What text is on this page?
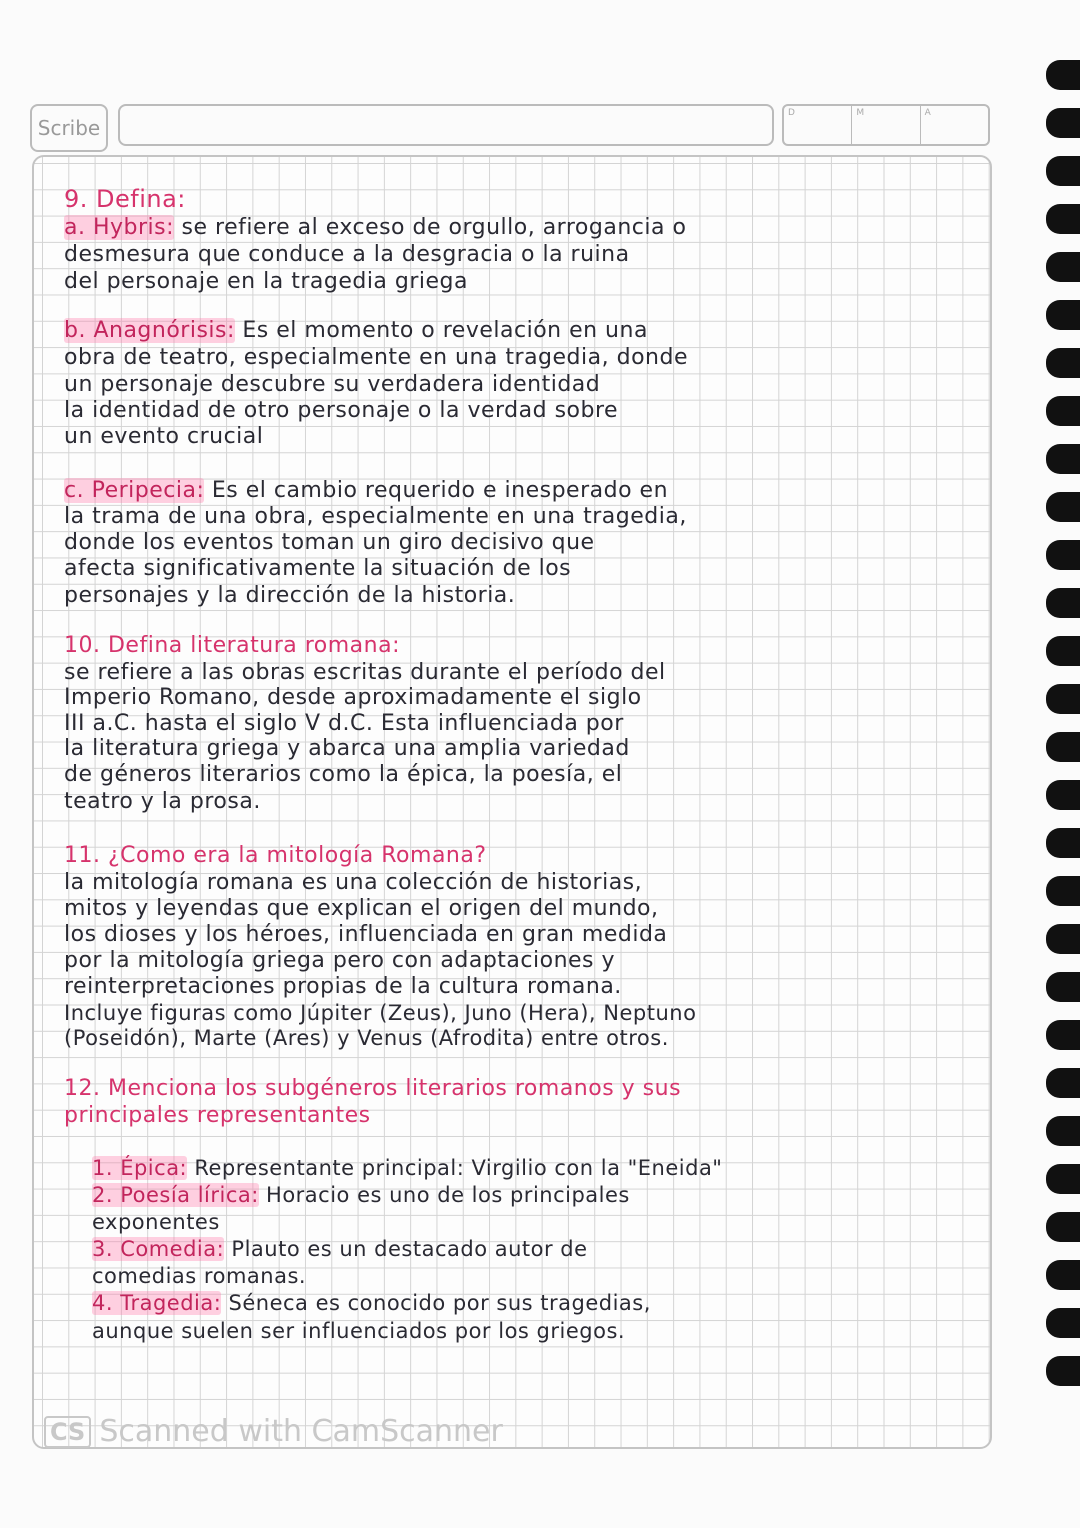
Scribe
D	M	A
9. Defina:
a. Hybris: se refiere al exceso de orgullo, arrogancia o
desmesura que conduce a la desgracia o la ruina
del personaje en la tragedia griega
b. Anagnórisis: Es el momento o revelación en una
obra de teatro, especialmente en una tragedia, donde
un personaje descubre su verdadera identidad
la identidad de otro personaje o la verdad sobre
un evento crucial
c. Peripecia: Es el cambio requerido e inesperado en
la trama de una obra, especialmente en una tragedia,
donde los eventos toman un giro decisivo que
afecta significativamente la situación de los
personajes y la dirección de la historia.
10. Defina literatura romana:
se refiere a las obras escritas durante el período del
Imperio Romano, desde aproximadamente el siglo
III a.C. hasta el siglo V d.C. Esta influenciada por
la literatura griega y abarca una amplia variedad
de géneros literarios como la épica, la poesía, el
teatro y la prosa.
11. ¿Como era la mitología Romana?
la mitología romana es una colección de historias,
mitos y leyendas que explican el origen del mundo,
los dioses y los héroes, influenciada en gran medida
por la mitología griega pero con adaptaciones y
reinterpretaciones propias de la cultura romana.
Incluye figuras como Júpiter (Zeus), Juno (Hera), Neptuno
(Poseidón), Marte (Ares) y Venus (Afrodita) entre otros.
12. Menciona los subgéneros literarios romanos y sus
principales representantes
1. Épica: Representante principal: Virgilio con la "Eneida"
2. Poesía lírica: Horacio es uno de los principales
exponentes
3. Comedia: Plauto es un destacado autor de
comedias romanas.
4. Tragedia: Séneca es conocido por sus tragedias,
aunque suelen ser influenciados por los griegos.
CS Scanned with CamScanner
